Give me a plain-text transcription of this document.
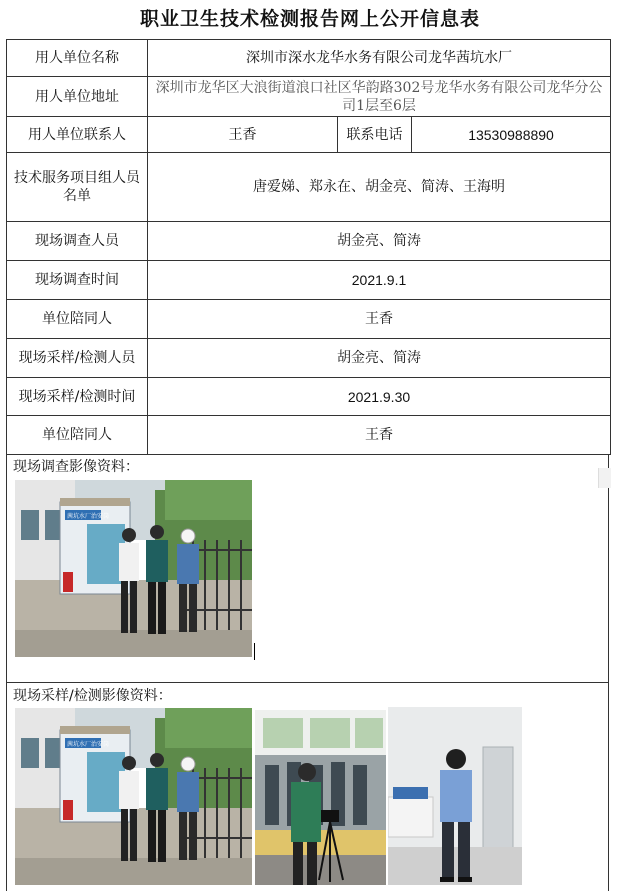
职业卫生技术检测报告网上公开信息表
用人单位名称	深圳市深水龙华水务有限公司龙华茜坑水厂		
用人单位地址	深圳市龙华区大浪街道浪口社区华韵路302号龙华水务有限公司龙华分公司1层至6层		
用人单位联系人	王香	联系电话	13530988890
技术服务项目组人员名单	唐爱娣、郑永在、胡金亮、简涛、王海明		
现场调查人员	胡金亮、简涛		
现场调查时间	2021.9.1		
单位陪同人	王香		
现场采样/检测人员	胡金亮、简涛		
现场采样/检测时间	2021.9.30		
单位陪同人	王香		
现场调查影像资料：
茜坑水厂治安岗
现场采样/检测影像资料：
茜坑水厂治安岗
